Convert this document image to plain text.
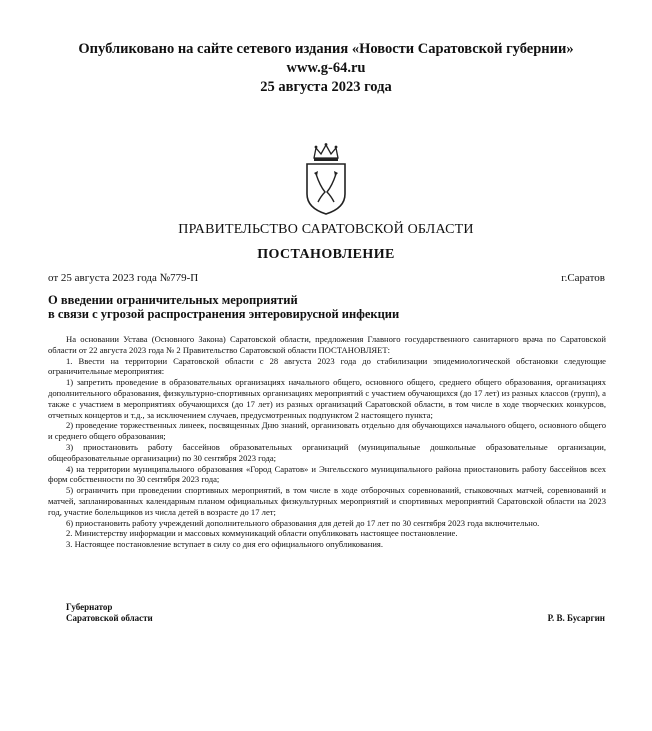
Опубликовано на сайте сетевого издания «Новости Саратовской губернии»
www.g-64.ru
25 августа 2023 года
ПРАВИТЕЛЬСТВО САРАТОВСКОЙ ОБЛАСТИ
ПОСТАНОВЛЕНИЕ
от 25 августа 2023 года №779-П	г.Саратов
О введении ограничительных мероприятий
в связи с угрозой распространения энтеровирусной инфекции

На основании Устава (Основного Закона) Саратовской области, предложения Главного государственного санитарного врача по Саратовской области от 22 августа 2023 года № 2 Правительство Саратовской области ПОСТАНОВЛЯЕТ:

1. Ввести на территории Саратовской области с 28 августа 2023 года до стабилизации эпидемиологической обстановки следующие ограничительные мероприятия:

1) запретить проведение в образовательных организациях начального общего, основного общего, среднего общего образования, организациях дополнительного образования, физкультурно-спортивных организациях мероприятий с участием обучающихся (до 17 лет) из разных классов (групп), а также с участием в мероприятиях обучающихся (до 17 лет) из разных организаций Саратовской области, в том числе в ходе творческих конкурсов, отчетных концертов и т.д., за исключением случаев, предусмотренных подпунктом 2 настоящего пункта;

2) проведение торжественных линеек, посвященных Дню знаний, организовать отдельно для обучающихся начального общего, основного общего и среднего общего образования;

3) приостановить работу бассейнов образовательных организаций (муниципальные дошкольные образовательные организации, общеобразовательные организации) по 30 сентября 2023 года;

4) на территории муниципального образования «Город Саратов» и Энгельсского муниципального района приостановить работу бассейнов всех форм собственности по 30 сентября 2023 года;

5) ограничить при проведении спортивных мероприятий, в том числе в ходе отборочных соревнований, стыковочных матчей, соревнований и матчей, запланированных календарным планом официальных физкультурных мероприятий и спортивных мероприятий Саратовской области на 2023 год, участие болельщиков из числа детей в возрасте до 17 лет;

6) приостановить работу учреждений дополнительного образования для детей до 17 лет по 30 сентября 2023 года включительно.

2. Министерству информации и массовых коммуникаций области опубликовать настоящее постановление.

3. Настоящее постановление вступает в силу со дня его официального опубликования.

Губернатор
Саратовской области	Р. В. Бусаргин
